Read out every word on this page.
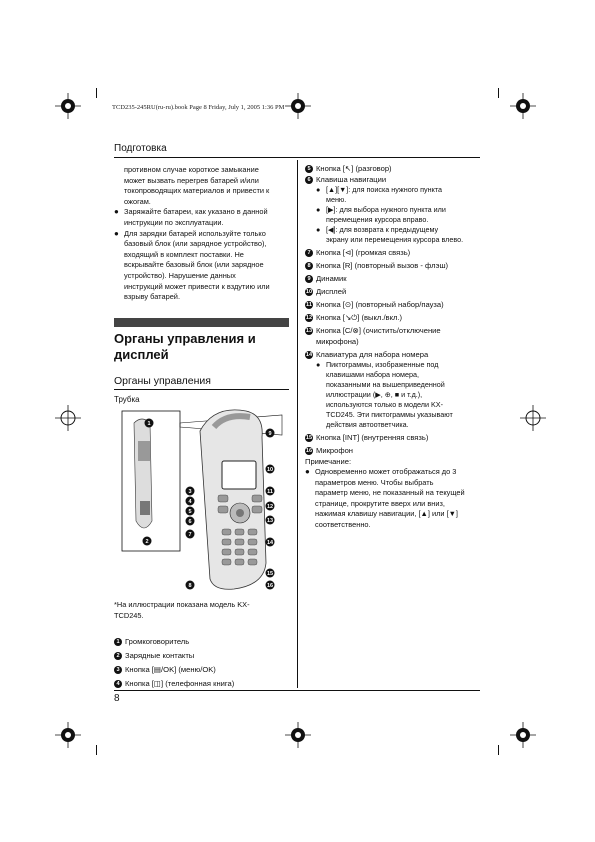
TCD235-245RU(ru-ru).book Page 8 Friday, July 1, 2005 1:36 PM
Подготовка
противном случае короткое замыкание
может вызвать перегрев батарей и/или
токопроводящих материалов и привести к
ожогам.
● Заряжайте батареи, как указано в данной
инструкции по эксплуатации.
● Для зарядки батарей используйте только
базовый блок (или зарядное устройство),
входящий в комплект поставки. Не
вскрывайте базовый блок (или зарядное
устройство). Нарушение данных
инструкций может привести к вздутию или
взрыву батарей.
Органы управления и
дисплей
Органы управления
Трубка
1
2
3
4
5
6
7
8
9
10
11
12
13
14
15
16
*На иллюстрации показана модель KX-
TCD245.
1 Громкоговоритель
2 Зарядные контакты
3 Кнопка [▤/OK] (меню/OK)
4 Кнопка [◫] (телефонная книга)
5 Кнопка [↖] (разговор)
6 Клавиша навигации
● [▲][▼]: для поиска нужного пункта
меню.
● [▶]: для выбора нужного пункта или
перемещения курсора вправо.
● [◀]: для возврата к предыдущему
экрану или перемещения курсора влево.
7 Кнопка [⊲] (громкая связь)
8 Кнопка [R] (повторный вызов - флэш)
9 Динамик
10 Дисплей
11 Кнопка [⊙] (повторный набор/пауза)
12 Кнопка [↘⏻] (выкл./вкл.)
13 Кнопка [C/⊗] (очистить/отключение
микрофона)
14 Клавиатура для набора номера
● Пиктограммы, изображенные под
клавишами набора номера,
показанными на вышеприведенной
иллюстрации (▶, ⊕, ■ и т.д.),
используются только в модели KX-
TCD245. Эти пиктограммы указывают
действия автоответчика.
15 Кнопка [INT] (внутренняя связь)
16 Микрофон
Примечание:
● Одновременно может отображаться до 3
параметров меню. Чтобы выбрать
параметр меню, не показанный на текущей
странице, прокрутите вверх или вниз,
нажимая клавишу навигации, [▲] или [▼]
соответственно.
8
